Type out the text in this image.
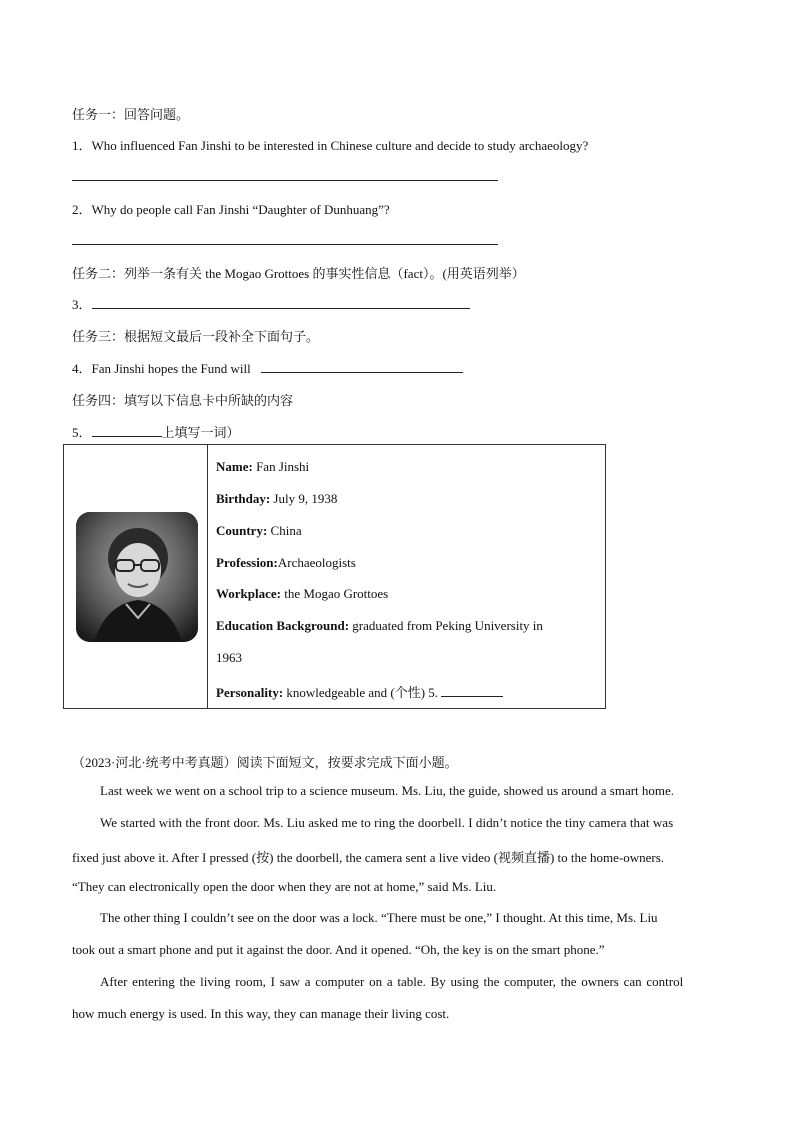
任务一：回答问题。
1．Who influenced Fan Jinshi to be interested in Chinese culture and decide to study archaeology?
2．Why do people call Fan Jinshi “Daughter of Dunhuang”?
任务二：列举一条有关 the Mogao Grottoes 的事实性信息（fact）。(用英语列举）
3．
任务三：根据短文最后一段补全下面句子。
4．Fan Jinshi hopes the Fund will
任务四：填写以下信息卡中所缺的内容
5．	上填写一词）
Name: Fan Jinshi
Birthday: July 9, 1938
Country: China
Profession:Archaeologists
Workplace: the Mogao Grottoes
Education Background: graduated from Peking University in
1963
Personality: knowledgeable and (个性) 5.
（2023·河北·统考中考真题）阅读下面短文，按要求完成下面小题。
Last week we went on a school trip to a science museum. Ms. Liu, the guide, showed us around a smart home.
We started with the front door. Ms. Liu asked me to ring the doorbell. I didn’t notice the tiny camera that was
fixed just above it. After I pressed (按) the doorbell, the camera sent a live video (视频直播) to the home-owners.
“They can electronically open the door when they are not at home,” said Ms. Liu.
The other thing I couldn’t see on the door was a lock. “There must be one,” I thought. At this time, Ms. Liu
took out a smart phone and put it against the door. And it opened. “Oh, the key is on the smart phone.”
After entering the living room, I saw a computer on a table. By using the computer, the owners can control
how much energy is used. In this way, they can manage their living cost.
